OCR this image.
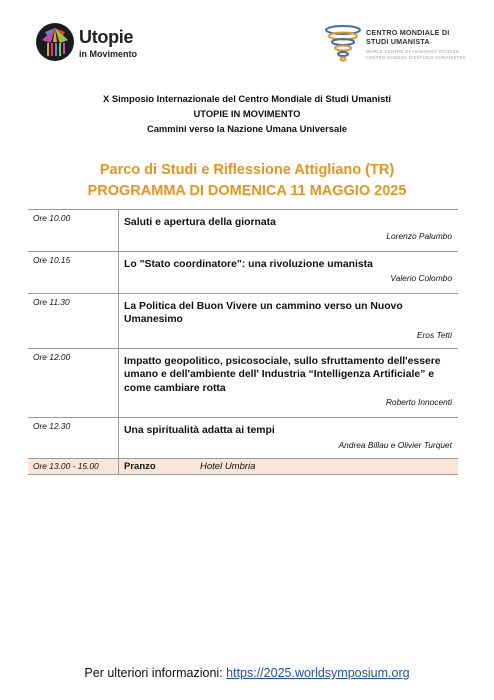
Utopie
in Movimento
CENTRO MONDIALE DI
STUDI UMANISTA
WORLD CENTRE OF HUMANIST STUDIES
CENTRO MUNDIAL D'ESTUDIS HUMANISTES
X Simposio Internazionale del Centro Mondiale di Studi Umanisti
UTOPIE IN MOVIMENTO
Cammini verso la Nazione Umana Universale
Parco di Studi e Riflessione Attigliano (TR)
PROGRAMMA DI DOMENICA 11 MAGGIO 2025
Ore 10.00	Saluti e apertura della giornata
Lorenzo Palumbo
Ore 10.15	Lo "Stato coordinatore": una rivoluzione umanista
Valerio Colombo
Ore 11.30	La Politica del Buon Vivere un cammino verso un Nuovo Umanesimo
Eros Tetti
Ore 12.00	Impatto geopolitico, psicosociale, sullo sfruttamento dell'essere umano e dell'ambiente dell' Industria “Intelligenza Artificiale” e come cambiare rotta
Roberto Innocenti
Ore 12.30	Una spiritualità adatta ai tempi
Andrea Billau e Olivier Turquet
Ore 13.00 - 15.00	Pranzo	Hotel Umbria
Per ulteriori informazioni: https://2025.worldsymposium.org
